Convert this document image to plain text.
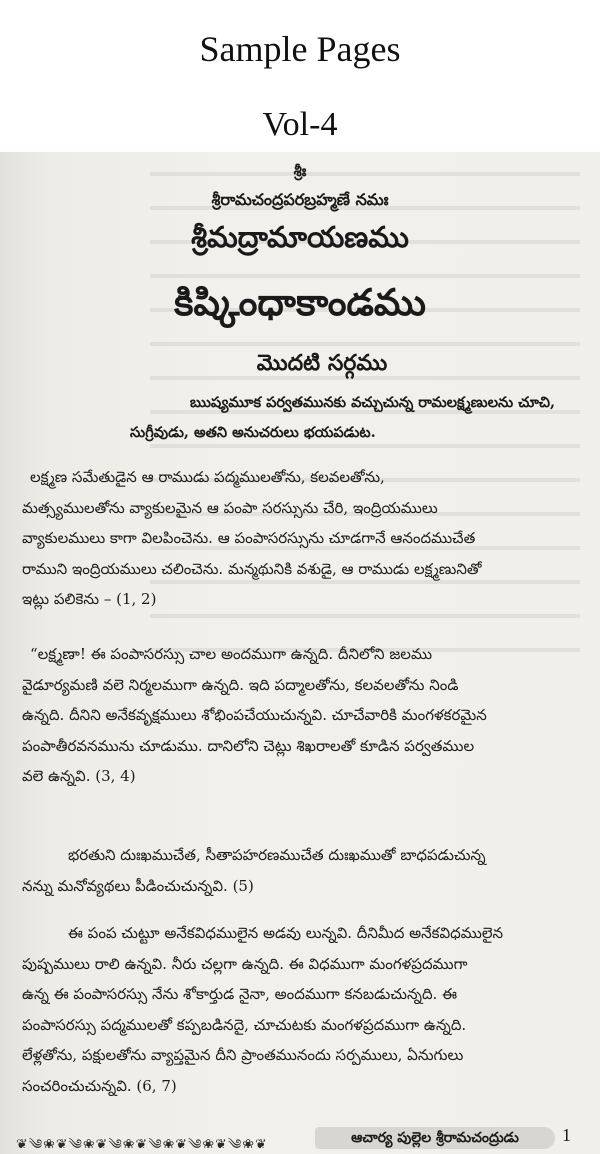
Sample Pages
Vol-4
శ్రీః
శ్రీరామచంద్రపరబ్రహ్మణే నమః
శ్రీమద్రామాయణము
కిష్కింధాకాండము
మొదటి సర్గము
ఋష్యమూక పర్వతమునకు వచ్చుచున్న రామలక్ష్మణులను చూచి,
సుగ్రీవుడు, అతని అనుచరులు భయపడుట.
లక్ష్మణ సమేతుడైన ఆ రాముడు పద్మములతోను, కలవలతోను,
మత్స్యములతోను వ్యాకులమైన ఆ పంపా సరస్సును చేరి, ఇంద్రియములు
వ్యాకులములు కాగా విలపించెను. ఆ పంపాసరస్సును చూడగానే ఆనందముచేత
రాముని ఇంద్రియములు చలించెను. మన్మథునికి వశుడై, ఆ రాముడు లక్ష్మణునితో
ఇట్లు పలికెను – (1, 2)
“లక్ష్మణా! ఈ పంపాసరస్సు చాల అందముగా ఉన్నది. దీనిలోని జలము
వైడూర్యమణి వలె నిర్మలముగా ఉన్నది. ఇది పద్మాలతోను, కలవలతోను నిండి
ఉన్నది. దీనిని అనేకవృక్షములు శోభింపచేయుచున్నవి. చూచేవారికి మంగళకరమైన
పంపాతీరవనమును చూడుము. దానిలోని చెట్లు శిఖరాలతో కూడిన పర్వతముల
వలె ఉన్నవి. (3, 4)
భరతుని దుఃఖముచేత, సీతాపహరణముచేత దుఃఖముతో బాధపడుచున్న
నన్ను మనోవ్యథలు పీడించుచున్నవి. (5)
ఈ పంప చుట్టూ అనేకవిధములైన అడవు లున్నవి. దీనిమీద అనేకవిధములైన
పుష్పములు రాలి ఉన్నవి. నీరు చల్లగా ఉన్నది. ఈ విధముగా మంగళప్రదముగా
ఉన్న ఈ పంపాసరస్సు నేను శోకార్తుడ నైనా, అందముగా కనబడుచున్నది. ఈ
పంపాసరస్సు పద్మములతో కప్పబడినదై, చూచుటకు మంగళప్రదముగా ఉన్నది.
లేళ్లతోను, పక్షులతోను వ్యాప్తమైన దీని ప్రాంతమునందు సర్పములు, ఏనుగులు
సంచరించుచున్నవి. (6, 7)
❦༄❀❦༄❀❦༄❀❦༄❀❦༄❀❦༄❀❦	ఆచార్య పుల్లెల శ్రీరామచంద్రుడు	1
